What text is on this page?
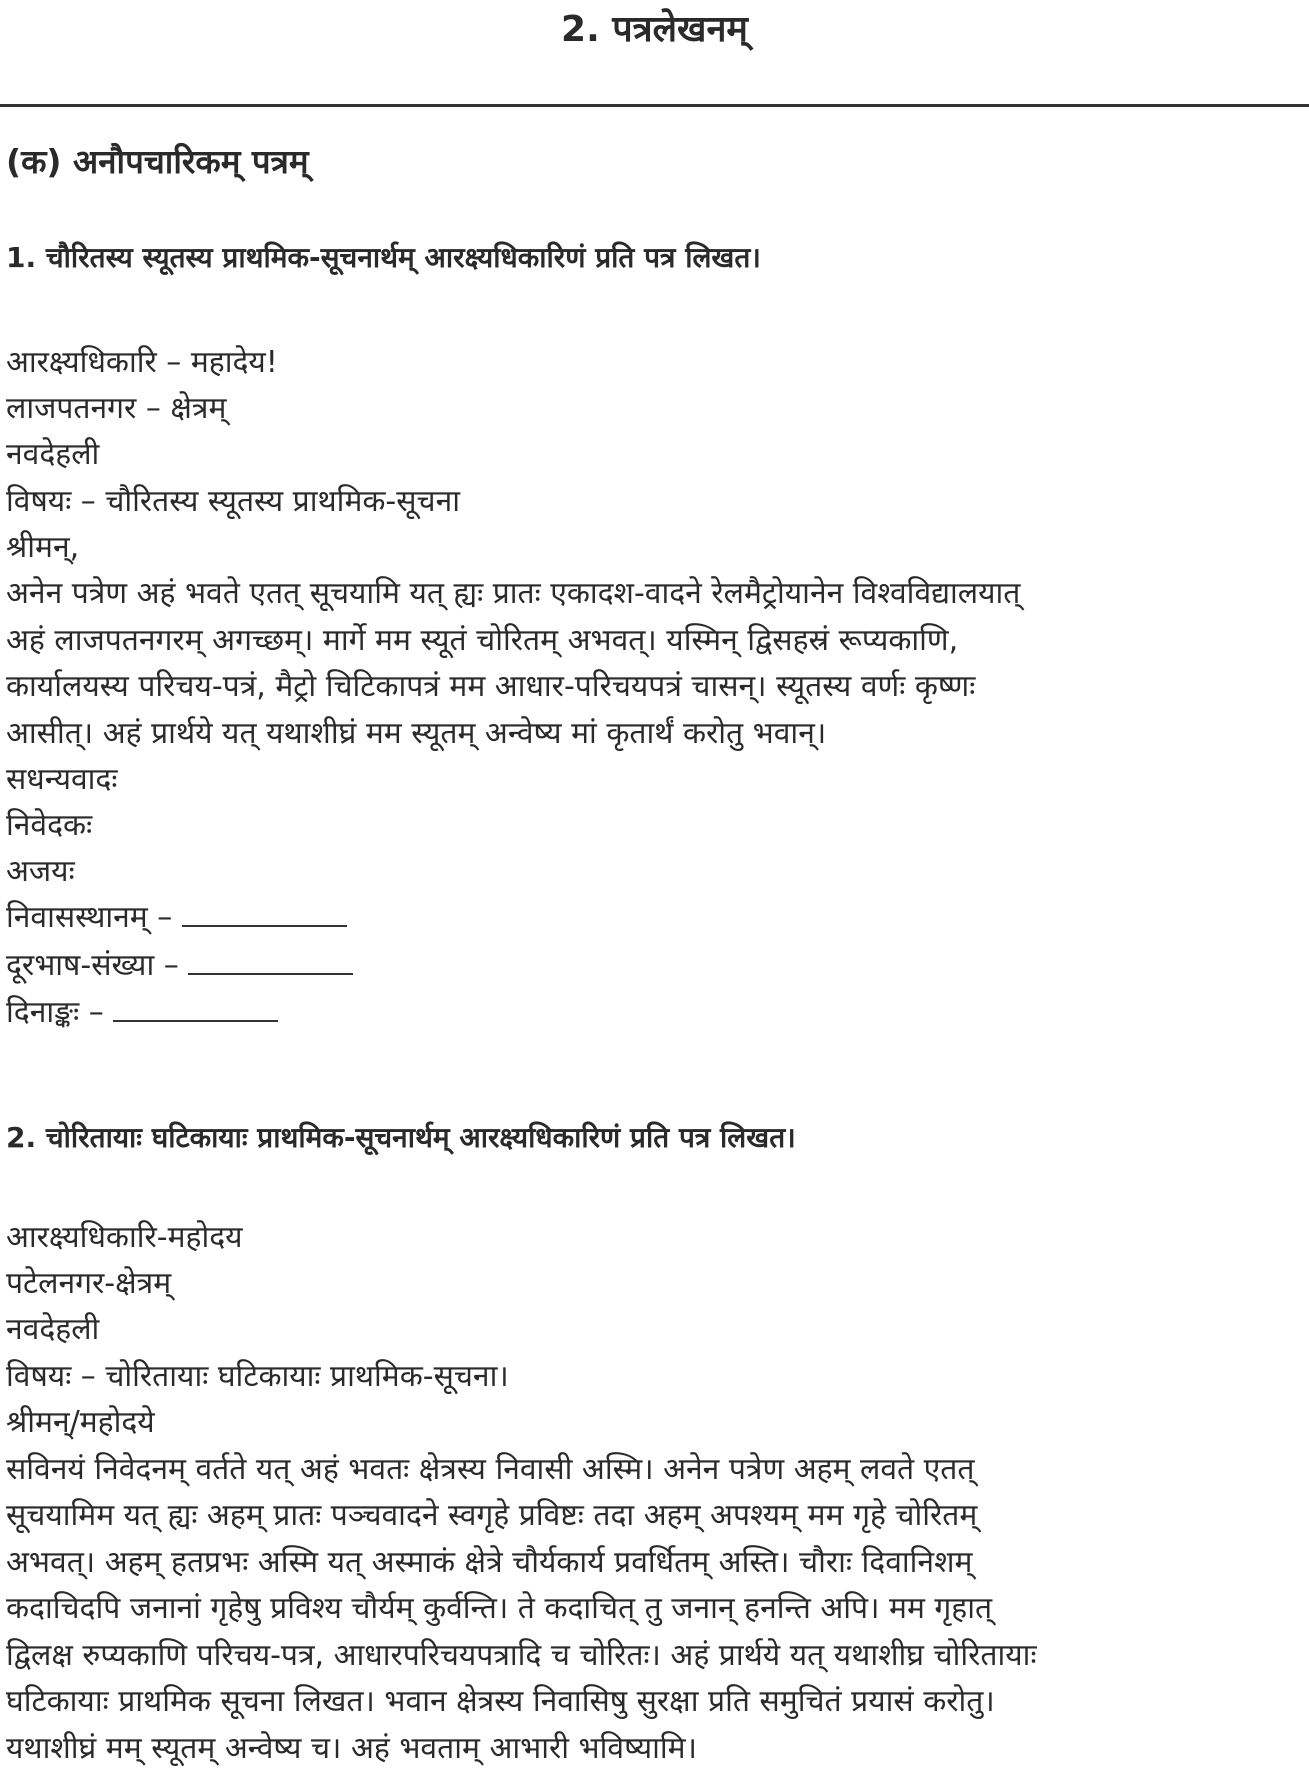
2. पत्रलेखनम्
(क) अनौपचारिकम् पत्रम्
1. चौरितस्य स्यूतस्य प्राथमिक-सूचनार्थम् आरक्ष्यधिकारिणं प्रति पत्र लिखत।
आरक्ष्यधिकारि – महादेय!
लाजपतनगर – क्षेत्रम्
नवदेहली
विषयः – चौरितस्य स्यूतस्य प्राथमिक-सूचना
श्रीमन्,
अनेन पत्रेण अहं भवते एतत् सूचयामि यत् ह्यः प्रातः एकादश-वादने रेलमैट्रोयानेन विश्वविद्यालयात्
अहं लाजपतनगरम् अगच्छम्। मार्गे मम स्यूतं चोरितम् अभवत्। यस्मिन् द्विसहस्रं रूप्यकाणि,
कार्यालयस्य परिचय-पत्रं, मैट्रो चिटिकापत्रं मम आधार-परिचयपत्रं चासन्। स्यूतस्य वर्णः कृष्णः
आसीत्। अहं प्रार्थये यत् यथाशीघ्रं मम स्यूतम् अन्वेष्य मां कृतार्थं करोतु भवान्।
सधन्यवादः
निवेदकः
अजयः
निवासस्थानम् –
दूरभाष-संख्या –
दिनाङ्कः –
2. चोरितायाः घटिकायाः प्राथमिक-सूचनार्थम् आरक्ष्यधिकारिणं प्रति पत्र लिखत।
आरक्ष्यधिकारि-महोदय
पटेलनगर-क्षेत्रम्
नवदेहली
विषयः – चोरितायाः घटिकायाः प्राथमिक-सूचना।
श्रीमन्/महोदये
सविनयं निवेदनम् वर्तते यत् अहं भवतः क्षेत्रस्य निवासी अस्मि। अनेन पत्रेण अहम् लवते एतत्
सूचयामिम यत् ह्यः अहम् प्रातः पञ्चवादने स्वगृहे प्रविष्टः तदा अहम् अपश्यम् मम गृहे चोरितम्
अभवत्। अहम् हतप्रभः अस्मि यत् अस्माकं क्षेत्रे चौर्यकार्य प्रवर्धितम् अस्ति। चौराः दिवानिशम्
कदाचिदपि जनानां गृहेषु प्रविश्य चौर्यम् कुर्वन्ति। ते कदाचित् तु जनान् हनन्ति अपि। मम गृहात्
द्विलक्ष रुप्यकाणि परिचय-पत्र, आधारपरिचयपत्रादि च चोरितः। अहं प्रार्थये यत् यथाशीघ्र चोरितायाः
घटिकायाः प्राथमिक सूचना लिखत। भवान क्षेत्रस्य निवासिषु सुरक्षा प्रति समुचितं प्रयासं करोतु।
यथाशीघ्रं मम् स्यूतम् अन्वेष्य च। अहं भवताम् आभारी भविष्यामि।
